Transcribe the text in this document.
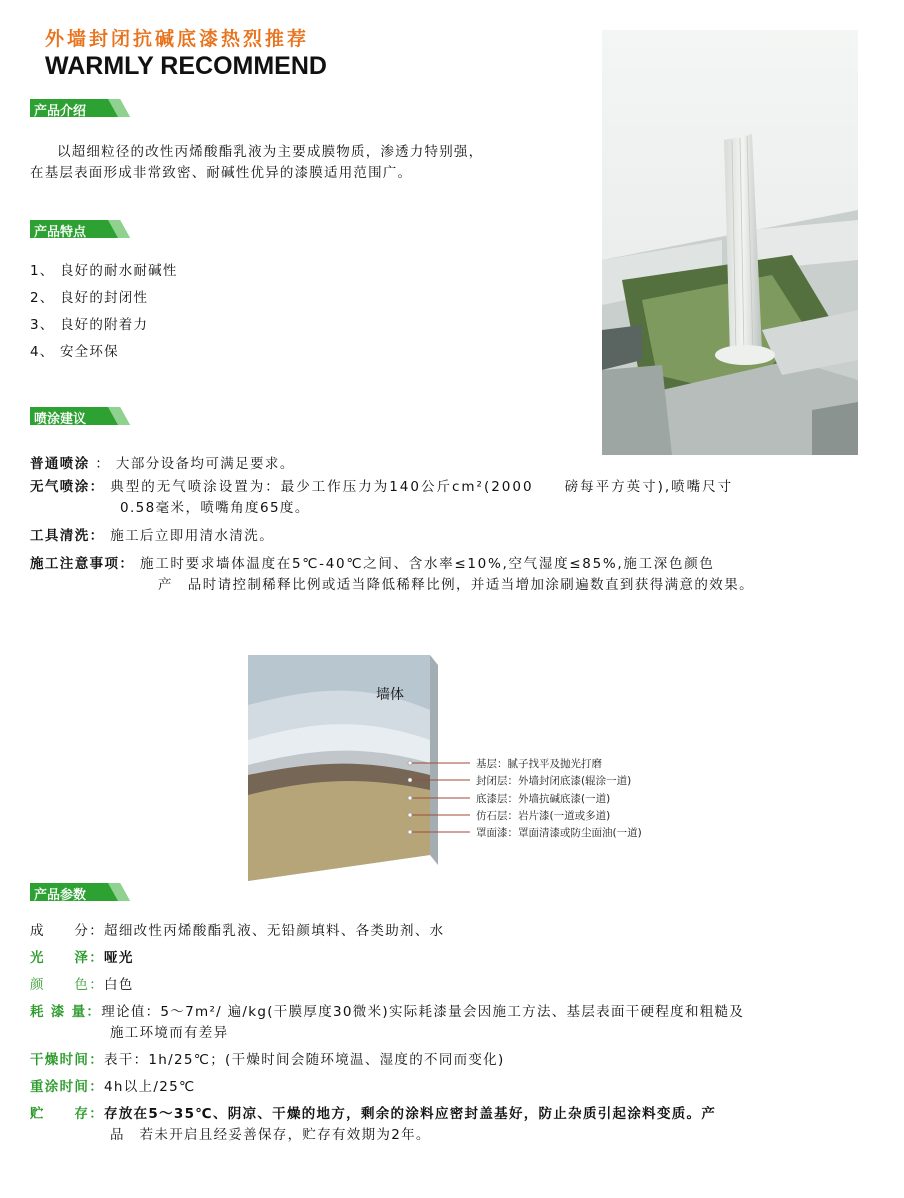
外墙封闭抗碱底漆热烈推荐
WARMLY RECOMMEND
产品介绍
以超细粒径的改性丙烯酸酯乳液为主要成膜物质，渗透力特别强，
在基层表面形成非常致密、耐碱性优异的漆膜适用范围广。
产品特点
1、 良好的耐水耐碱性
2、 良好的封闭性
3、 良好的附着力
4、 安全环保
喷涂建议
普通喷涂 ： 大部分设备均可满足要求。
无气喷涂： 典型的无气喷涂设置为：最少工作压力为140公斤cm²(2000　　磅每平方英寸),喷嘴尺寸
0.58毫米，喷嘴角度65度。
工具清洗： 施工后立即用清水清洗。
施工注意事项： 施工时要求墙体温度在5℃-40℃之间、含水率≤10%,空气湿度≤85%,施工深色颜色
产　品时请控制稀释比例或适当降低稀释比例，并适当增加涂刷遍数直到获得满意的效果。
墙体
基层：腻子找平及抛光打磨
封闭层：外墙封闭底漆(辊涂一道)
底漆层：外墙抗碱底漆(一道)
仿石层：岩片漆(一道或多道)
罩面漆：罩面清漆或防尘面油(一道)
产品参数
成　　分：超细改性丙烯酸酯乳液、无铅颜填料、各类助剂、水
光　　泽：哑光
颜　　色：白色
耗 漆 量：理论值：5～7m²/ 遍/kg(干膜厚度30微米)实际耗漆量会因施工方法、基层表面干硬程度和粗糙及
施工环境而有差异
干燥时间：表干：1h/25℃；(干燥时间会随环境温、湿度的不同而变化)
重涂时间：4h以上/25℃
贮　　存：存放在5～35℃、阴凉、干燥的地方，剩余的涂料应密封盖基好，防止杂质引起涂料变质。产
品　若未开启且经妥善保存，贮存有效期为2年。
